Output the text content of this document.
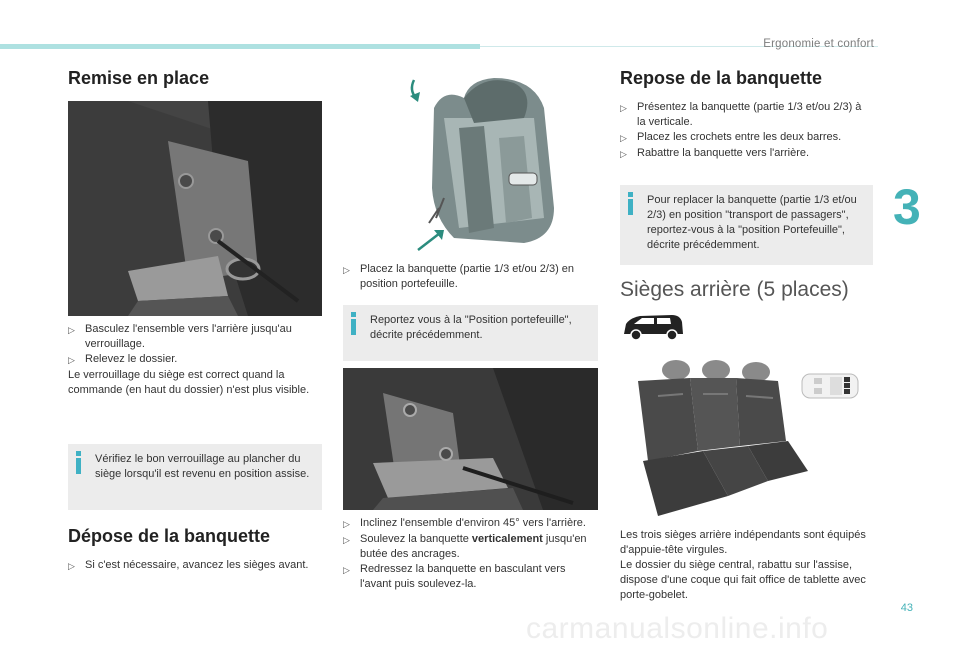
Ergonomie et confort
3
43
carmanualsonline.info
Remise en place
▷ Basculez l'ensemble vers l'arrière jusqu'au verrouillage.
▷ Relevez le dossier.
Le verrouillage du siège est correct quand la commande (en haut du dossier) n'est plus visible.
Vérifiez le bon verrouillage au plancher du siège lorsqu'il est revenu en position assise.
Dépose de la banquette
▷ Si c'est nécessaire, avancez les sièges avant.
▷ Placez la banquette (partie 1/3 et/ou 2/3) en position portefeuille.
Reportez vous à la "Position portefeuille", décrite précédemment.
▷ Inclinez l'ensemble d'environ 45° vers l'arrière.
▷ Soulevez la banquette verticalement jusqu'en butée des ancrages.
▷ Redressez la banquette en basculant vers l'avant puis soulevez-la.
Repose de la banquette
▷ Présentez la banquette (partie 1/3 et/ou 2/3) à la verticale.
▷ Placez les crochets entre les deux barres.
▷ Rabattre la banquette vers l'arrière.
Pour replacer la banquette (partie 1/3 et/ou 2/3) en position "transport de passagers", reportez-vous à la "position Portefeuille", décrite précédemment.
Sièges arrière (5 places)
Les trois sièges arrière indépendants sont équipés d'appuie-tête virgules.
Le dossier du siège central, rabattu sur l'assise, dispose d'une coque qui fait office de tablette avec porte-gobelet.
